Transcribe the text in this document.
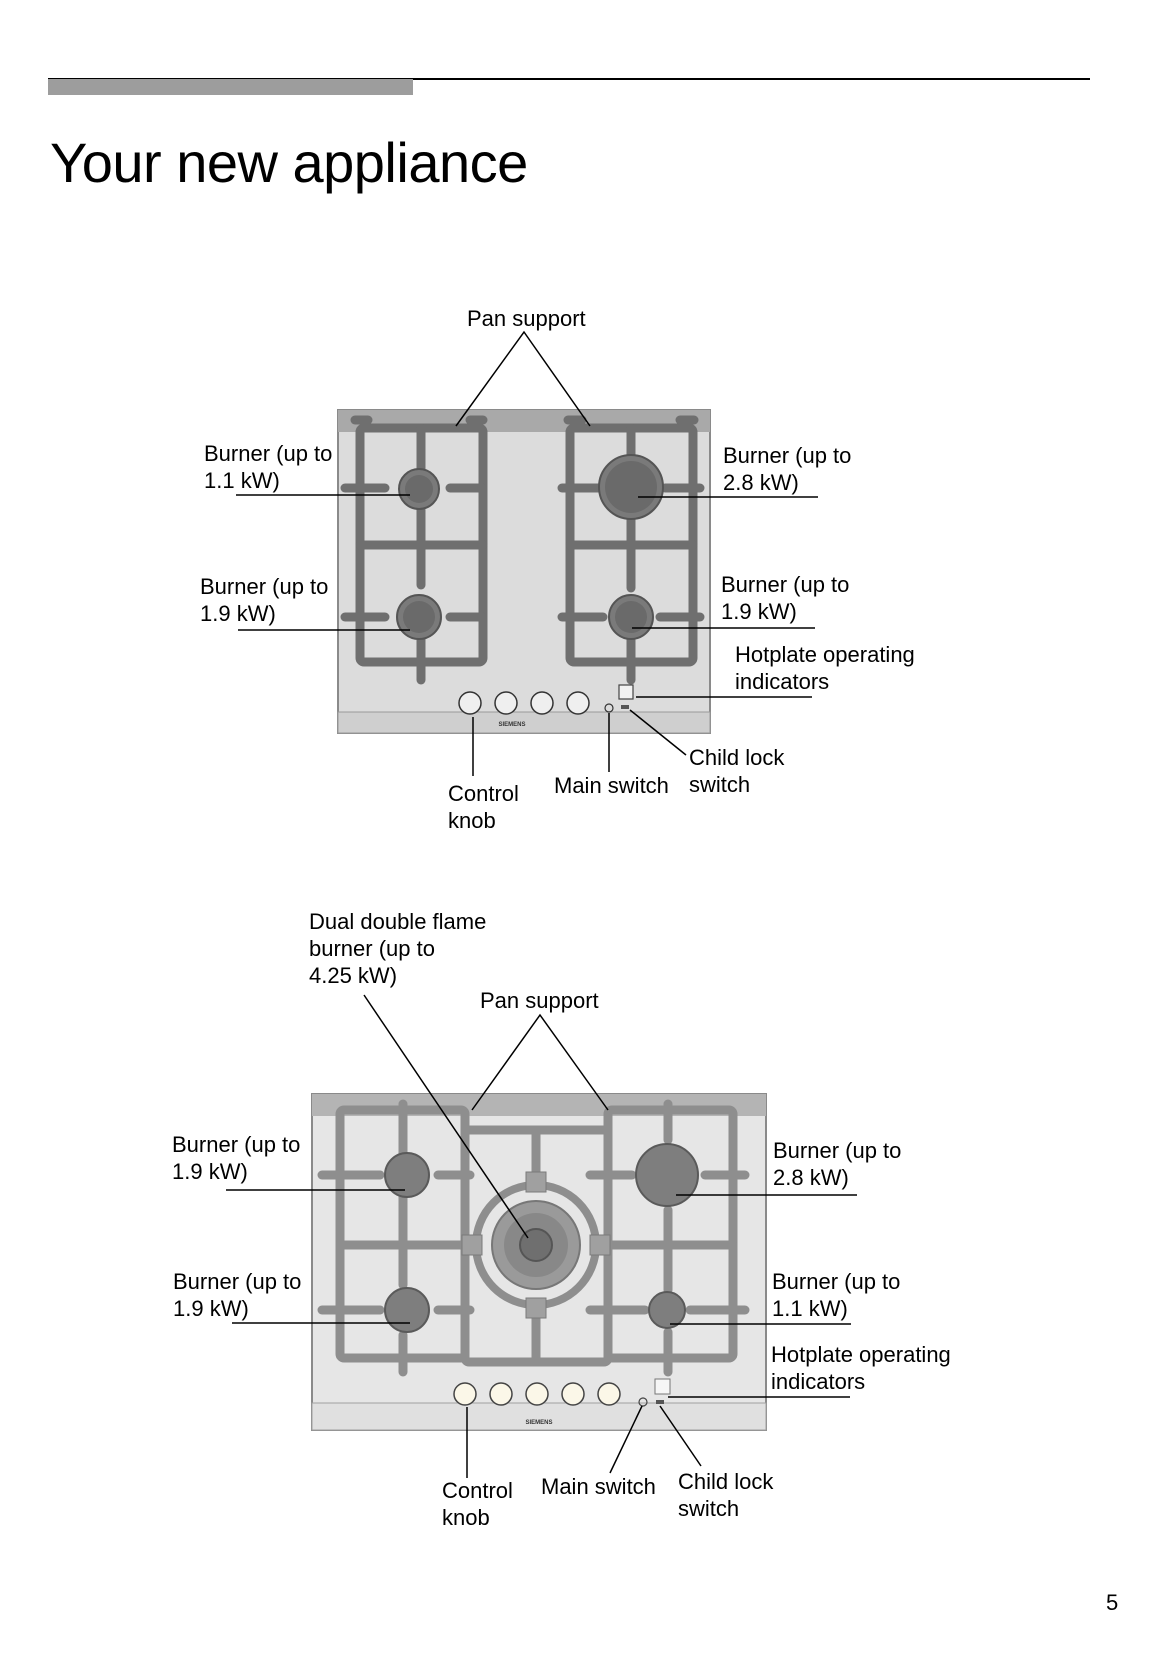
Your new appliance
SIEMENS
Pan support
Burner (up to
1.1 kW)
Burner (up to
1.9 kW)
Burner (up to
2.8 kW)
Burner (up to
1.9 kW)
Hotplate operating
indicators
Child lock
switch
Main switch
Control
knob
SIEMENS
Dual double flame
burner (up to
4.25 kW)
Pan support
Burner (up to
1.9 kW)
Burner (up to
1.9 kW)
Burner (up to
2.8 kW)
Burner (up to
1.1 kW)
Hotplate operating
indicators
Child lock
switch
Main switch
Control
knob
5
